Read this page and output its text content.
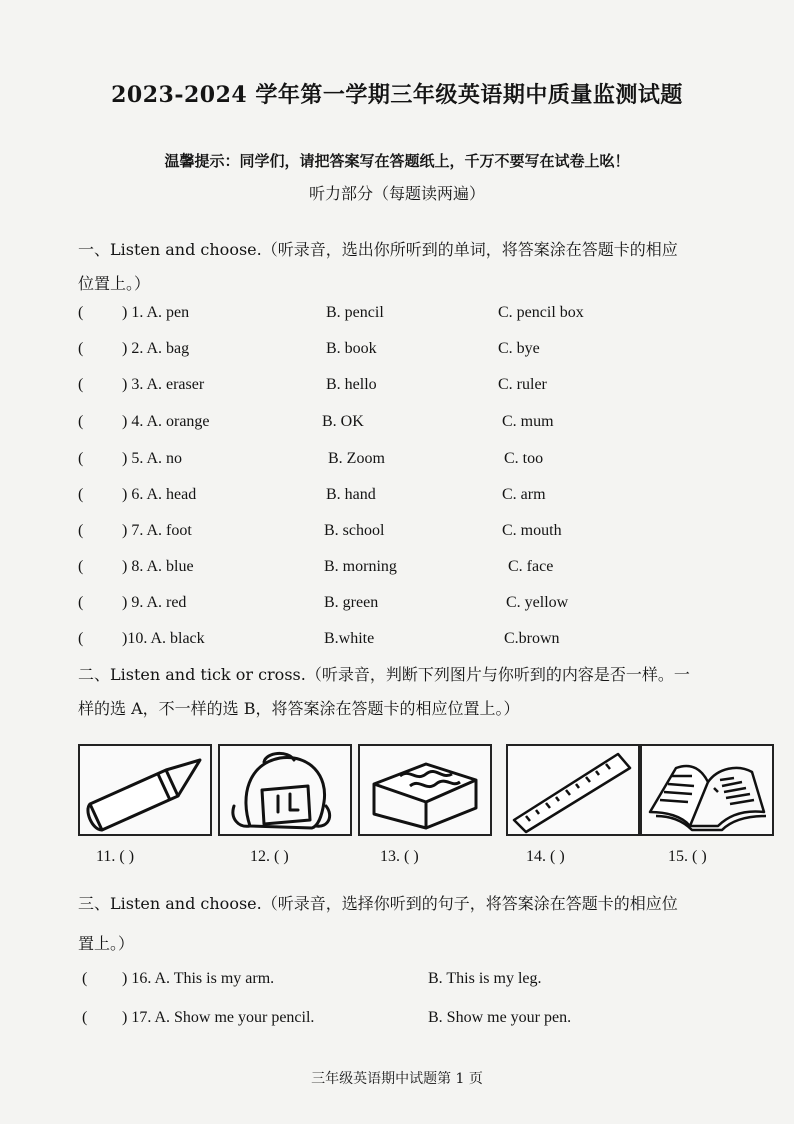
2023-2024 学年第一学期三年级英语期中质量监测试题
温馨提示：同学们，请把答案写在答题纸上，千万不要写在试卷上吆！
听力部分（每题读两遍）
一、Listen and choose.（听录音，选出你所听到的单词，将答案涂在答题卡的相应
位置上。）
( ) 1. A. pen	B. pencil	C. pencil box
( ) 2. A. bag	B. book	C. bye
( ) 3. A. eraser	B. hello	C. ruler
( ) 4. A. orange	B. OK	C. mum
( ) 5. A. no	B. Zoom	C. too
( ) 6. A. head	B. hand	C. arm
( ) 7. A. foot	B. school	C. mouth
( ) 8. A. blue	B. morning	C. face
( ) 9. A. red	B. green	C. yellow
( )10. A. black	B.white	C.brown
二、Listen and tick or cross.（听录音，判断下列图片与你听到的内容是否一样。一
样的选 A，不一样的选 B，将答案涂在答题卡的相应位置上。）
11. ( )	12. ( )	13. ( )	14. ( )	15. ( )
三、Listen and choose.（听录音，选择你听到的句子，将答案涂在答题卡的相应位
置上。）
( ) 16. A. This is my arm.	B. This is my leg.
( ) 17. A. Show me your pencil.	B. Show me your pen.
三年级英语期中试题第 1 页
